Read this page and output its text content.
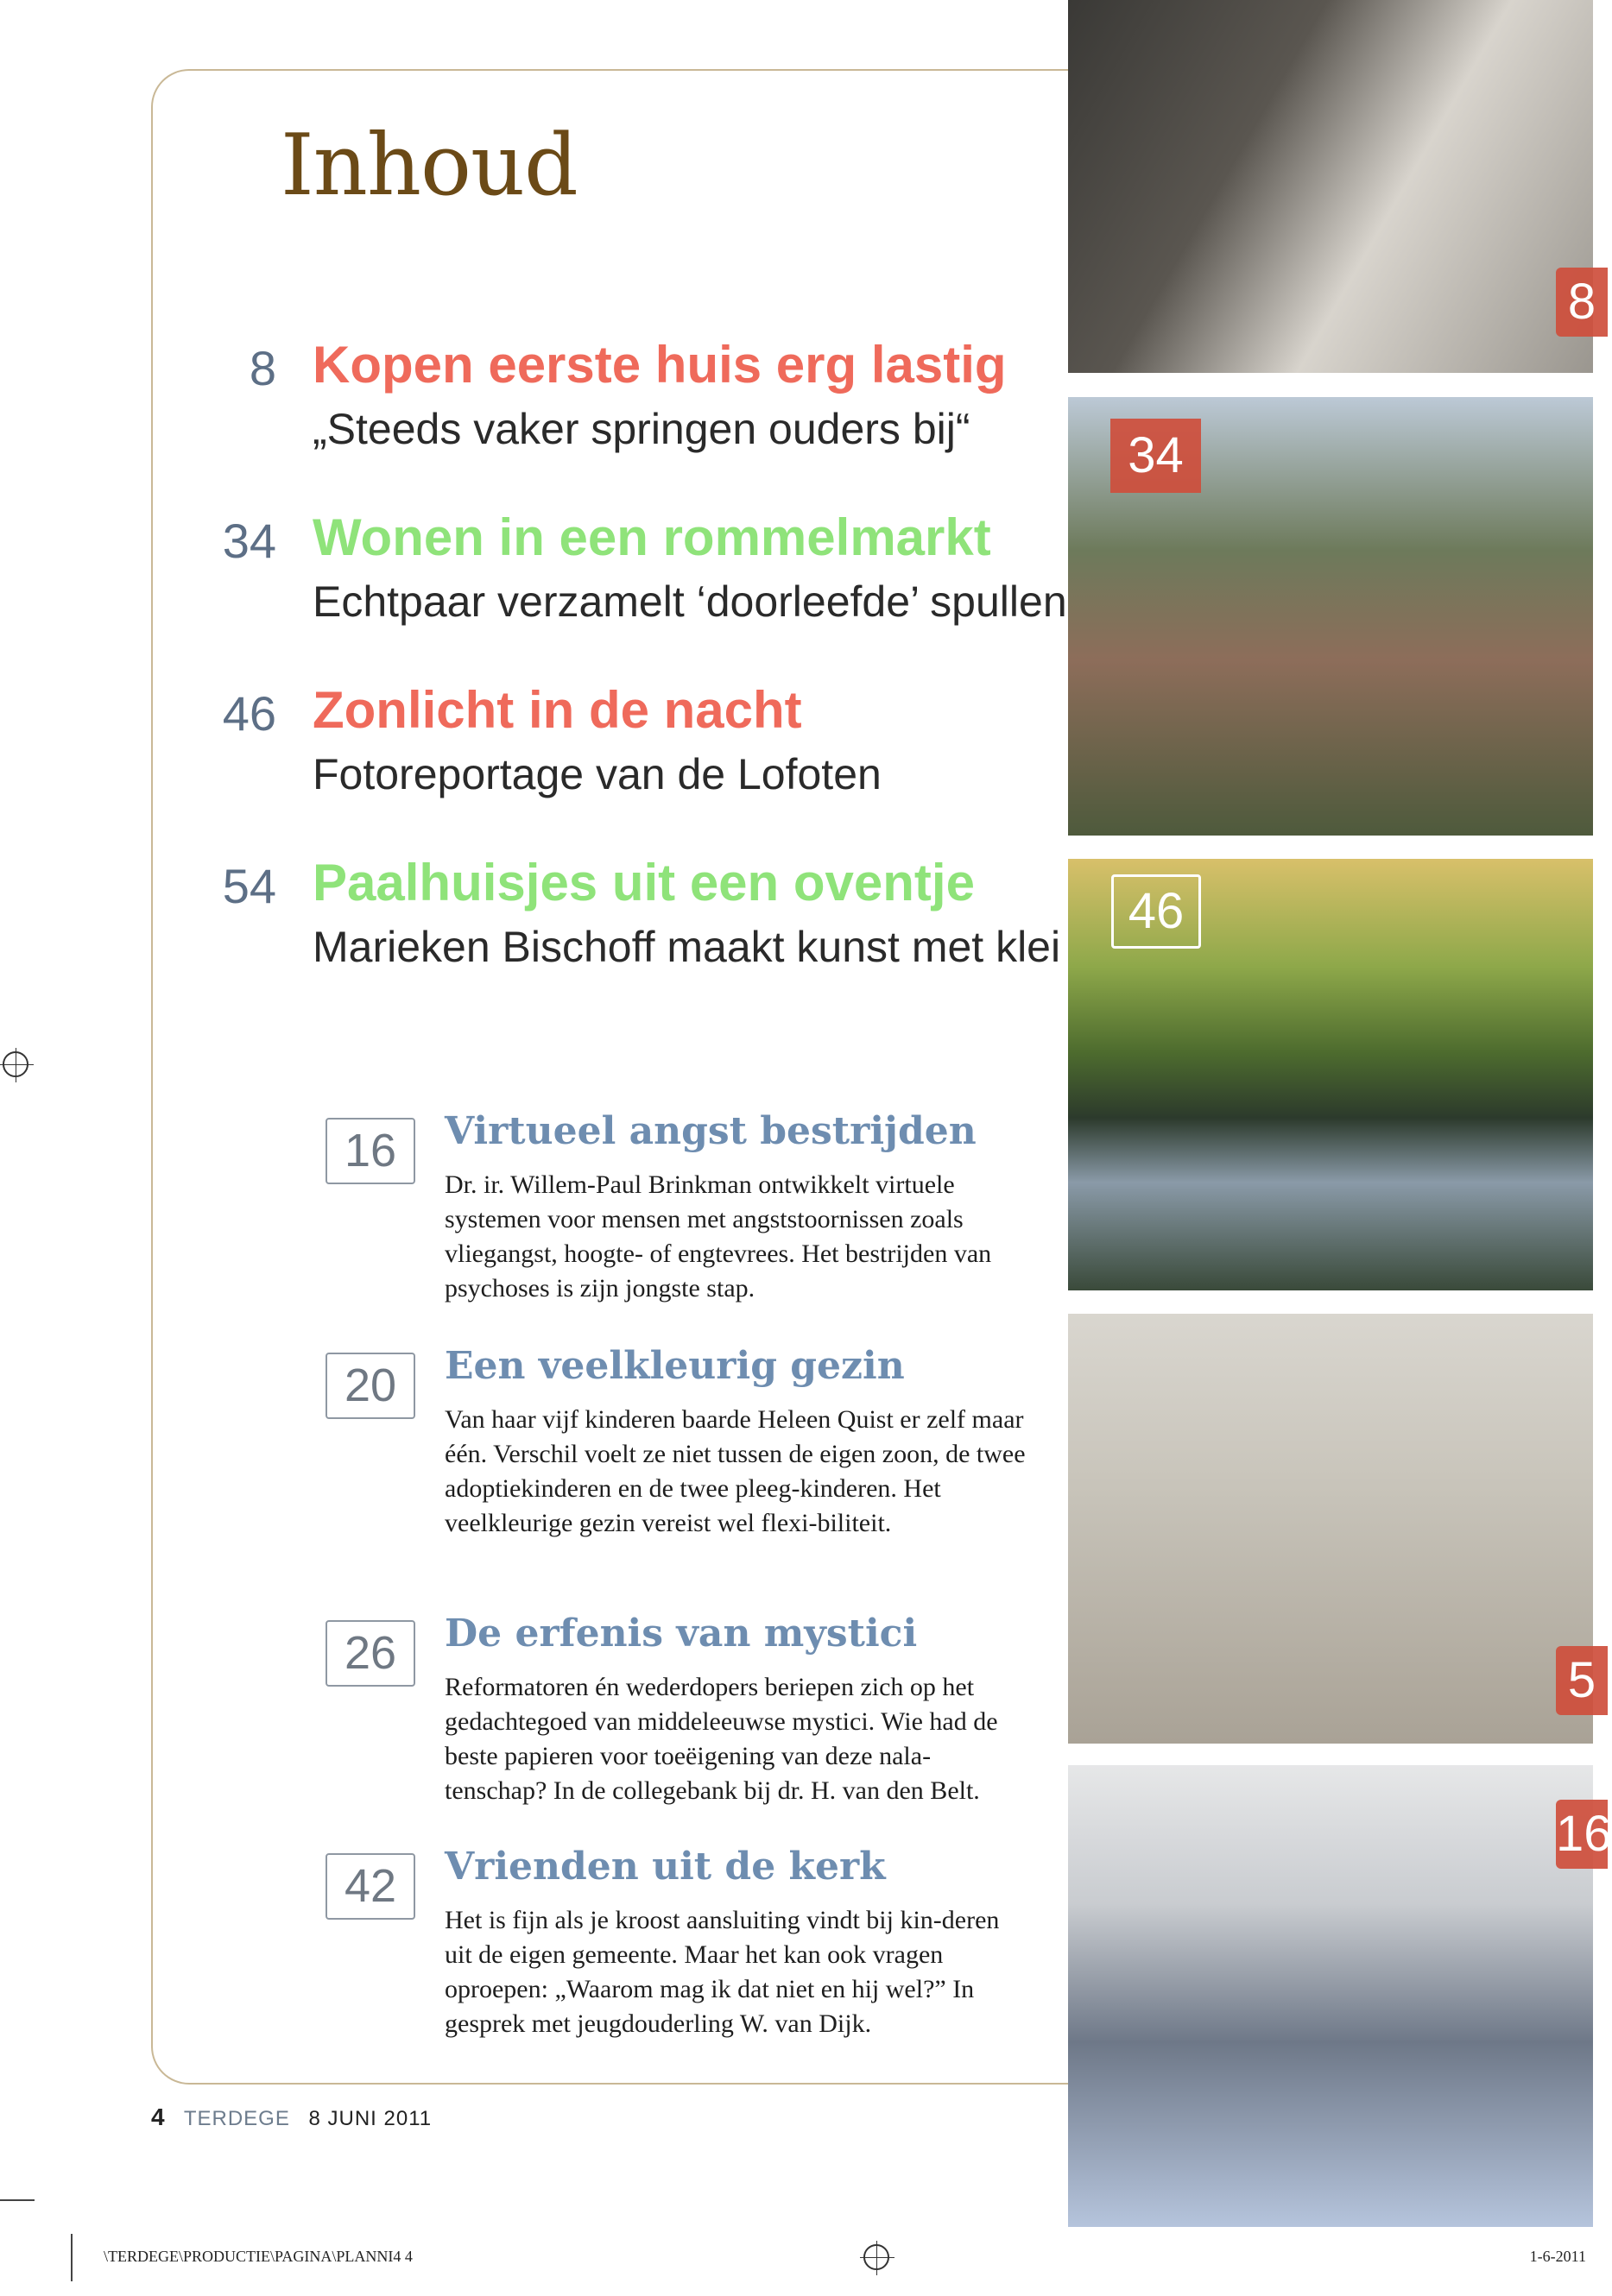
Inhoud
8 Kopen eerste huis erg lastig
„Steeds vaker springen ouders bij“
34 Wonen in een rommelmarkt
Echtpaar verzamelt ‘doorleefde’ spullen
46 Zonlicht in de nacht
Fotoreportage van de Lofoten
54 Paalhuisjes uit een oventje
Marieken Bischoff maakt kunst met klei
16	Virtueel angst bestrijden

Dr. ir. Willem-Paul Brinkman ontwikkelt virtuele systemen voor mensen met angststoornissen zoals vliegangst, hoogte- of engtevrees. Het bestrijden van psychoses is zijn jongste stap.

20	Een veelkleurig gezin

Van haar vijf kinderen baarde Heleen Quist er zelf maar één. Verschil voelt ze niet tussen de eigen zoon, de twee adoptiekinderen en de twee pleeg-kinderen. Het veelkleurige gezin vereist wel flexi-biliteit.

26	De erfenis van mystici

Reformatoren én wederdopers beriepen zich op het gedachtegoed van middeleeuwse mystici. Wie had de beste papieren voor toeëigening van deze nala-tenschap? In de collegebank bij dr. H. van den Belt.

42	Vrienden uit de kerk

Het is fijn als je kroost aansluiting vindt bij kin-deren uit de eigen gemeente. Maar het kan ook vragen oproepen: „Waarom mag ik dat niet en hij wel?” In gesprek met jeugdouderling W. van Dijk.

8
34
46
5
16
4 TERDEGE 8 JUNI 2011
\TERDEGE\PRODUCTIE\PAGINA\PLANNI4 4	1-6-2011
